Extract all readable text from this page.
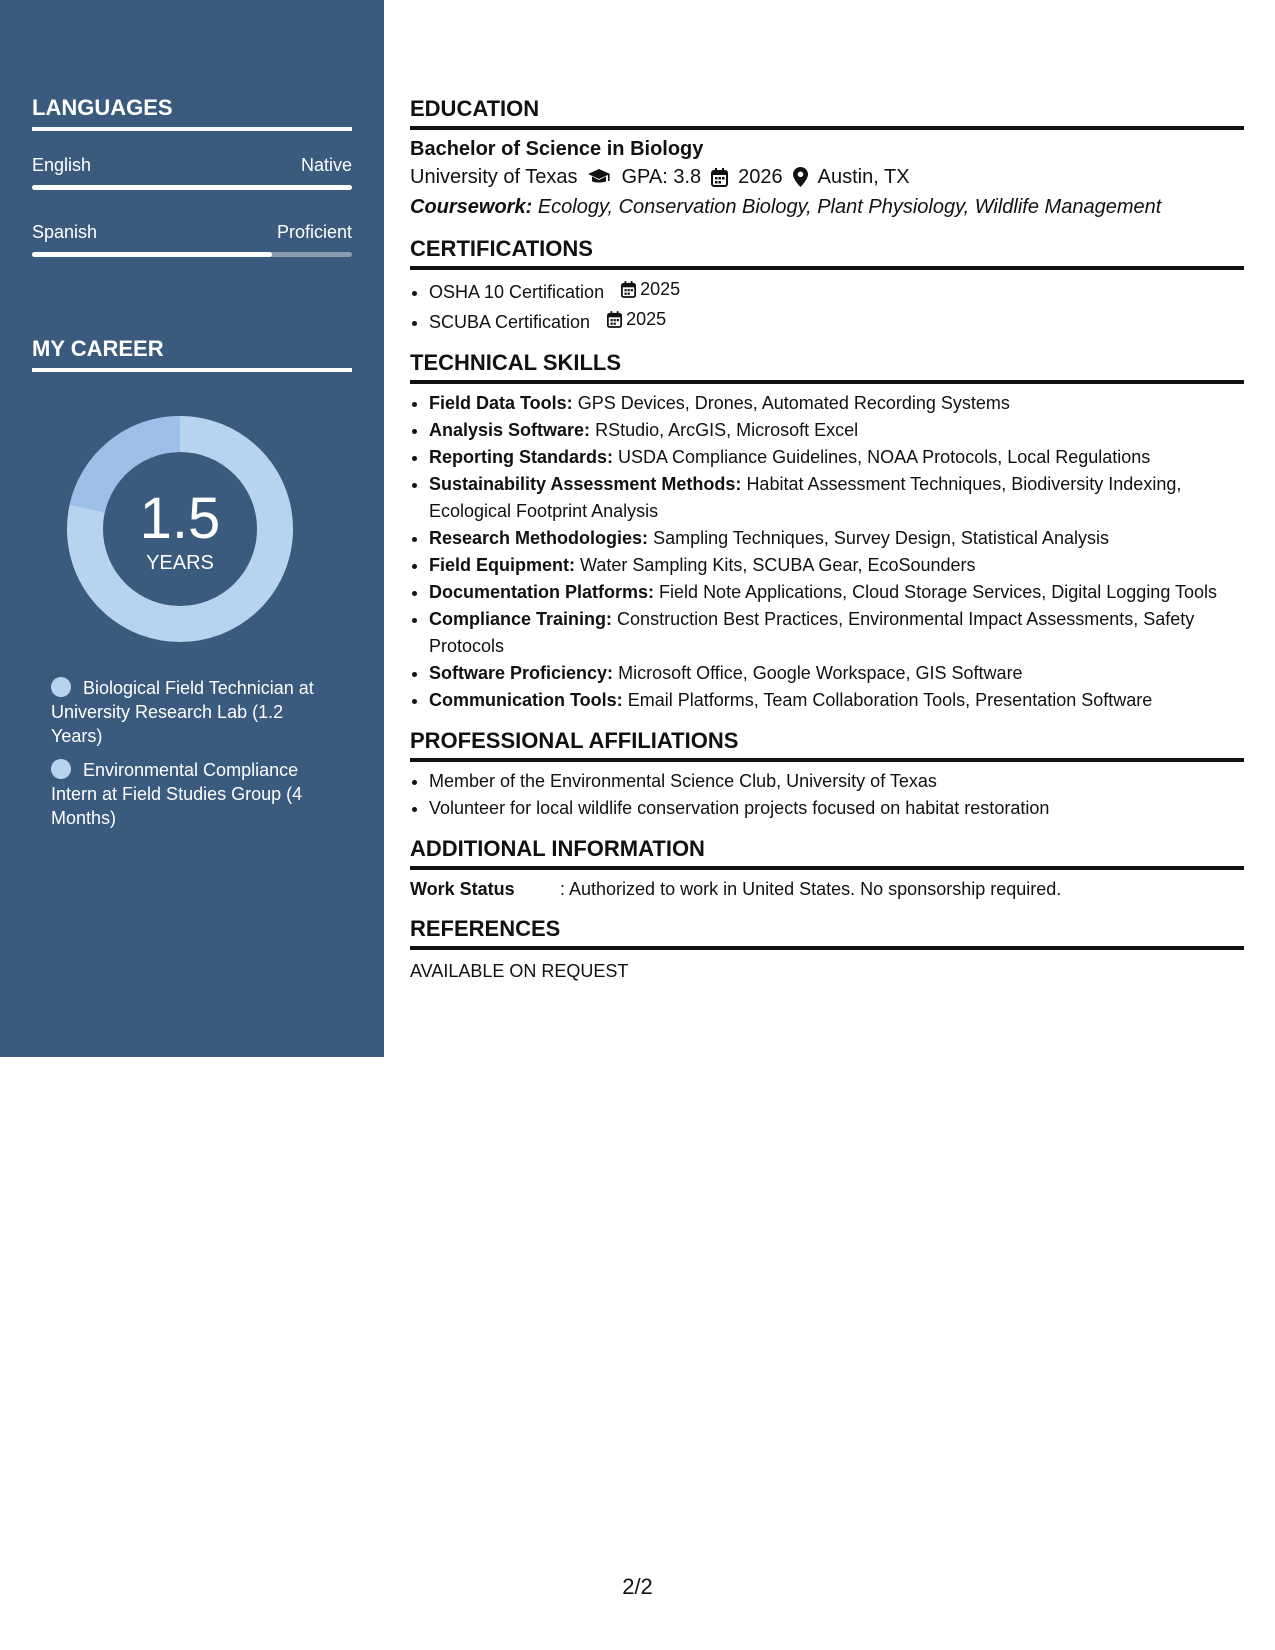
LANGUAGES
English	Native
Spanish	Proficient
MY CAREER
1.5
YEARS
Biological Field Technician at University Research Lab (1.2 Years)
Environmental Compliance Intern at Field Studies Group (4 Months)
EDUCATION
Bachelor of Science in Biology
University of Texas GPA: 3.8 2026 Austin, TX
Coursework: Ecology, Conservation Biology, Plant Physiology, Wildlife Management
CERTIFICATIONS
• OSHA 10 Certification 2025
• SCUBA Certification 2025
TECHNICAL SKILLS
• Field Data Tools: GPS Devices, Drones, Automated Recording Systems
• Analysis Software: RStudio, ArcGIS, Microsoft Excel
• Reporting Standards: USDA Compliance Guidelines, NOAA Protocols, Local Regulations
• Sustainability Assessment Methods: Habitat Assessment Techniques, Biodiversity Indexing, Ecological Footprint Analysis
• Research Methodologies: Sampling Techniques, Survey Design, Statistical Analysis
• Field Equipment: Water Sampling Kits, SCUBA Gear, EcoSounders
• Documentation Platforms: Field Note Applications, Cloud Storage Services, Digital Logging Tools
• Compliance Training: Construction Best Practices, Environmental Impact Assessments, Safety Protocols
• Software Proficiency: Microsoft Office, Google Workspace, GIS Software
• Communication Tools: Email Platforms, Team Collaboration Tools, Presentation Software
PROFESSIONAL AFFILIATIONS
• Member of the Environmental Science Club, University of Texas
• Volunteer for local wildlife conservation projects focused on habitat restoration
ADDITIONAL INFORMATION
Work Status	: Authorized to work in United States. No sponsorship required.
REFERENCES
AVAILABLE ON REQUEST
2/2
